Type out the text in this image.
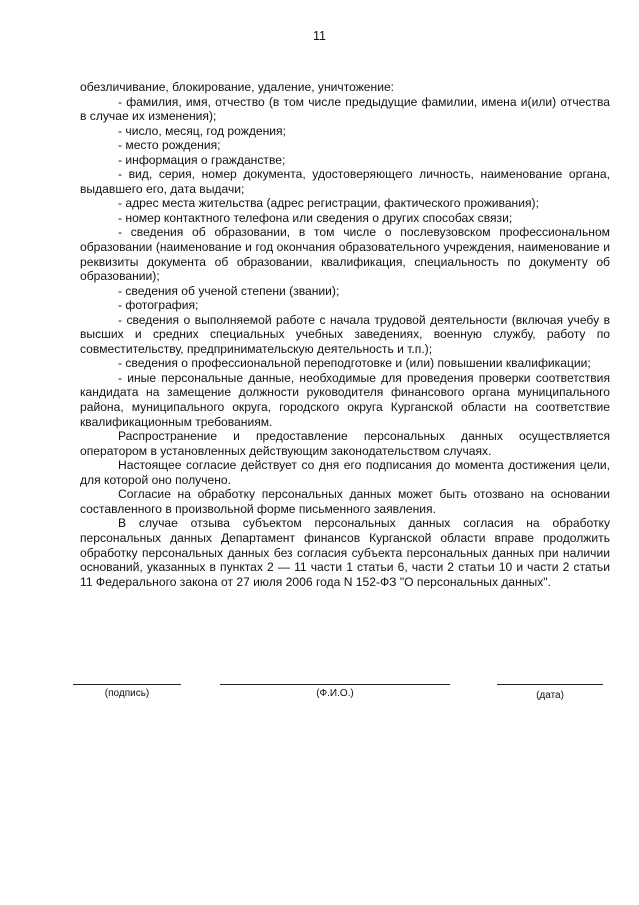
11

обезличивание, блокирование, удаление, уничтожение:

- фамилия, имя, отчество (в том числе предыдущие фамилии, имена и(или) отчества в случае их изменения);

- число, месяц, год рождения;

- место рождения;

- информация о гражданстве;

- вид, серия, номер документа, удостоверяющего личность, наименование органа, выдавшего его, дата выдачи;

- адрес места жительства (адрес регистрации, фактического проживания);

- номер контактного телефона или сведения о других способах связи;

- сведения об образовании, в том числе о послевузовском профессиональном образовании (наименование и год окончания образовательного учреждения, наименование и реквизиты документа об образовании, квалификация, специальность по документу об образовании);

- сведения об ученой степени (звании);

- фотография;

- сведения о выполняемой работе с начала трудовой деятельности (включая учебу в высших и средних специальных учебных заведениях, военную службу, работу по совместительству, предпринимательскую деятельность и т.п.);

- сведения о профессиональной переподготовке и (или) повышении квалификации;

- иные персональные данные, необходимые для проведения проверки соответствия кандидата на замещение должности руководителя финансового органа муниципального района, муниципального округа, городского округа Курганской области на соответствие квалификационным требованиям.

Распространение и предоставление персональных данных осуществляется оператором в установленных действующим законодательством случаях.

Настоящее согласие действует со дня его подписания до момента достижения цели, для которой оно получено.

Согласие на обработку персональных данных может быть отозвано на основании составленного в произвольной форме письменного заявления.

В случае отзыва субъектом персональных данных согласия на обработку персональных данных Департамент финансов Курганской области вправе продолжить обработку персональных данных без согласия субъекта персональных данных при наличии оснований, указанных в пунктах 2 — 11 части 1 статьи 6, части 2 статьи 10 и части 2 статьи 11 Федерального закона от 27 июля 2006 года N 152-ФЗ "О персональных данных".

(подпись)	(Ф.И.О.)	(дата)
